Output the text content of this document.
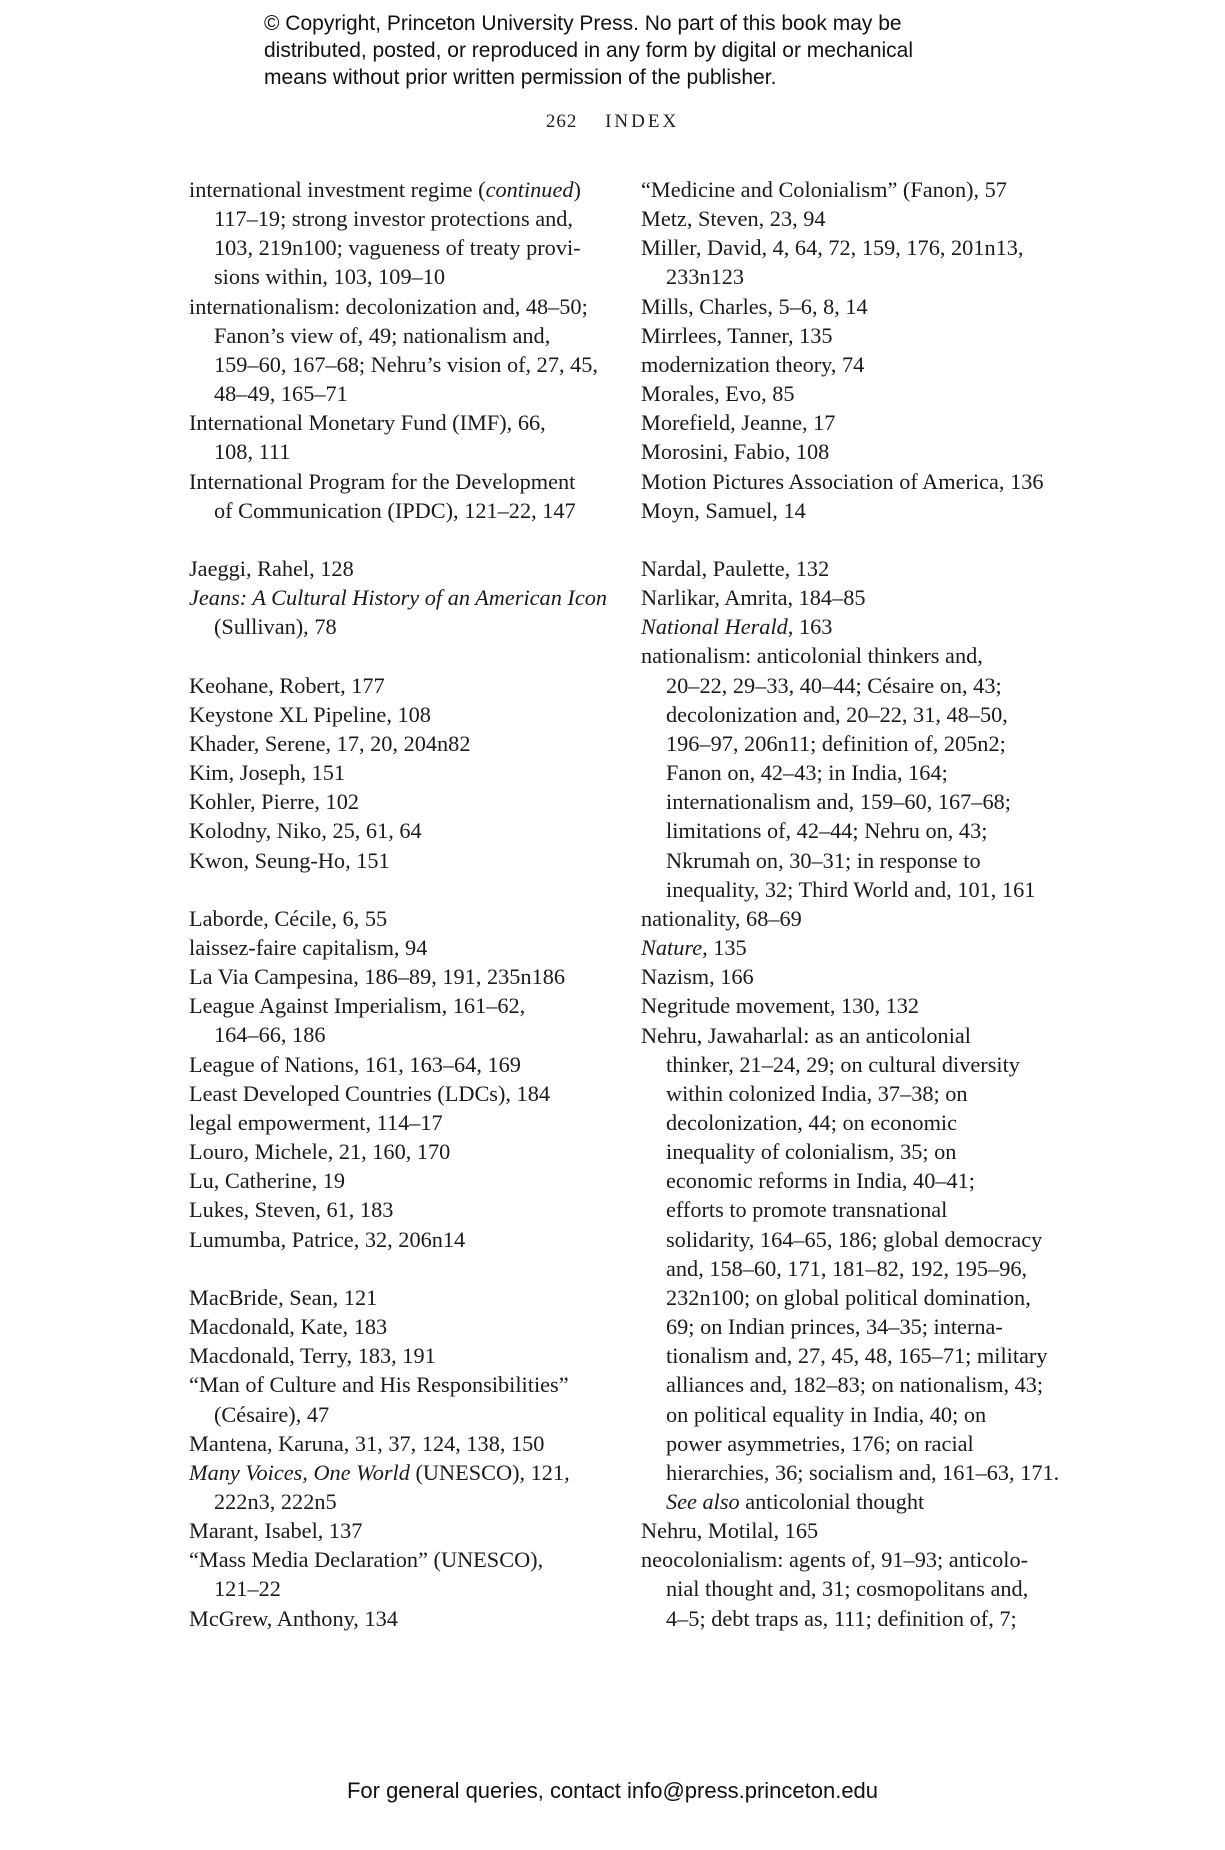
© Copyright, Princeton University Press. No part of this book may be
distributed, posted, or reproduced in any form by digital or mechanical
means without prior written permission of the publisher.
262 INDEX
international investment regime (continued)
117–19; strong investor protections and,
103, 219n100; vagueness of treaty provi-
sions within, 103, 109–10
internationalism: decolonization and, 48–50;
Fanon’s view of, 49; nationalism and,
159–60, 167–68; Nehru’s vision of, 27, 45,
48–49, 165–71
International Monetary Fund (IMF), 66,
108, 111
International Program for the Development
of Communication (IPDC), 121–22, 147
Jaeggi, Rahel, 128
Jeans: A Cultural History of an American Icon
(Sullivan), 78
Keohane, Robert, 177
Keystone XL Pipeline, 108
Khader, Serene, 17, 20, 204n82
Kim, Joseph, 151
Kohler, Pierre, 102
Kolodny, Niko, 25, 61, 64
Kwon, Seung-Ho, 151
Laborde, Cécile, 6, 55
laissez-faire capitalism, 94
La Via Campesina, 186–89, 191, 235n186
League Against Imperialism, 161–62,
164–66, 186
League of Nations, 161, 163–64, 169
Least Developed Countries (LDCs), 184
legal empowerment, 114–17
Louro, Michele, 21, 160, 170
Lu, Catherine, 19
Lukes, Steven, 61, 183
Lumumba, Patrice, 32, 206n14
MacBride, Sean, 121
Macdonald, Kate, 183
Macdonald, Terry, 183, 191
“Man of Culture and His Responsibilities”
(Césaire), 47
Mantena, Karuna, 31, 37, 124, 138, 150
Many Voices, One World (UNESCO), 121,
222n3, 222n5
Marant, Isabel, 137
“Mass Media Declaration” (UNESCO),
121–22
McGrew, Anthony, 134
“Medicine and Colonialism” (Fanon), 57
Metz, Steven, 23, 94
Miller, David, 4, 64, 72, 159, 176, 201n13,
233n123
Mills, Charles, 5–6, 8, 14
Mirrlees, Tanner, 135
modernization theory, 74
Morales, Evo, 85
Morefield, Jeanne, 17
Morosini, Fabio, 108
Motion Pictures Association of America, 136
Moyn, Samuel, 14
Nardal, Paulette, 132
Narlikar, Amrita, 184–85
National Herald, 163
nationalism: anticolonial thinkers and,
20–22, 29–33, 40–44; Césaire on, 43;
decolonization and, 20–22, 31, 48–50,
196–97, 206n11; definition of, 205n2;
Fanon on, 42–43; in India, 164;
internationalism and, 159–60, 167–68;
limitations of, 42–44; Nehru on, 43;
Nkrumah on, 30–31; in response to
inequality, 32; Third World and, 101, 161
nationality, 68–69
Nature, 135
Nazism, 166
Negritude movement, 130, 132
Nehru, Jawaharlal: as an anticolonial
thinker, 21–24, 29; on cultural diversity
within colonized India, 37–38; on
decolonization, 44; on economic
inequality of colonialism, 35; on
economic reforms in India, 40–41;
efforts to promote transnational
solidarity, 164–65, 186; global democracy
and, 158–60, 171, 181–82, 192, 195–96,
232n100; on global political domination,
69; on Indian princes, 34–35; interna-
tionalism and, 27, 45, 48, 165–71; military
alliances and, 182–83; on nationalism, 43;
on political equality in India, 40; on
power asymmetries, 176; on racial
hierarchies, 36; socialism and, 161–63, 171.
See also anticolonial thought
Nehru, Motilal, 165
neocolonialism: agents of, 91–93; anticolo-
nial thought and, 31; cosmopolitans and,
4–5; debt traps as, 111; definition of, 7;
For general queries, contact info@press.princeton.edu
